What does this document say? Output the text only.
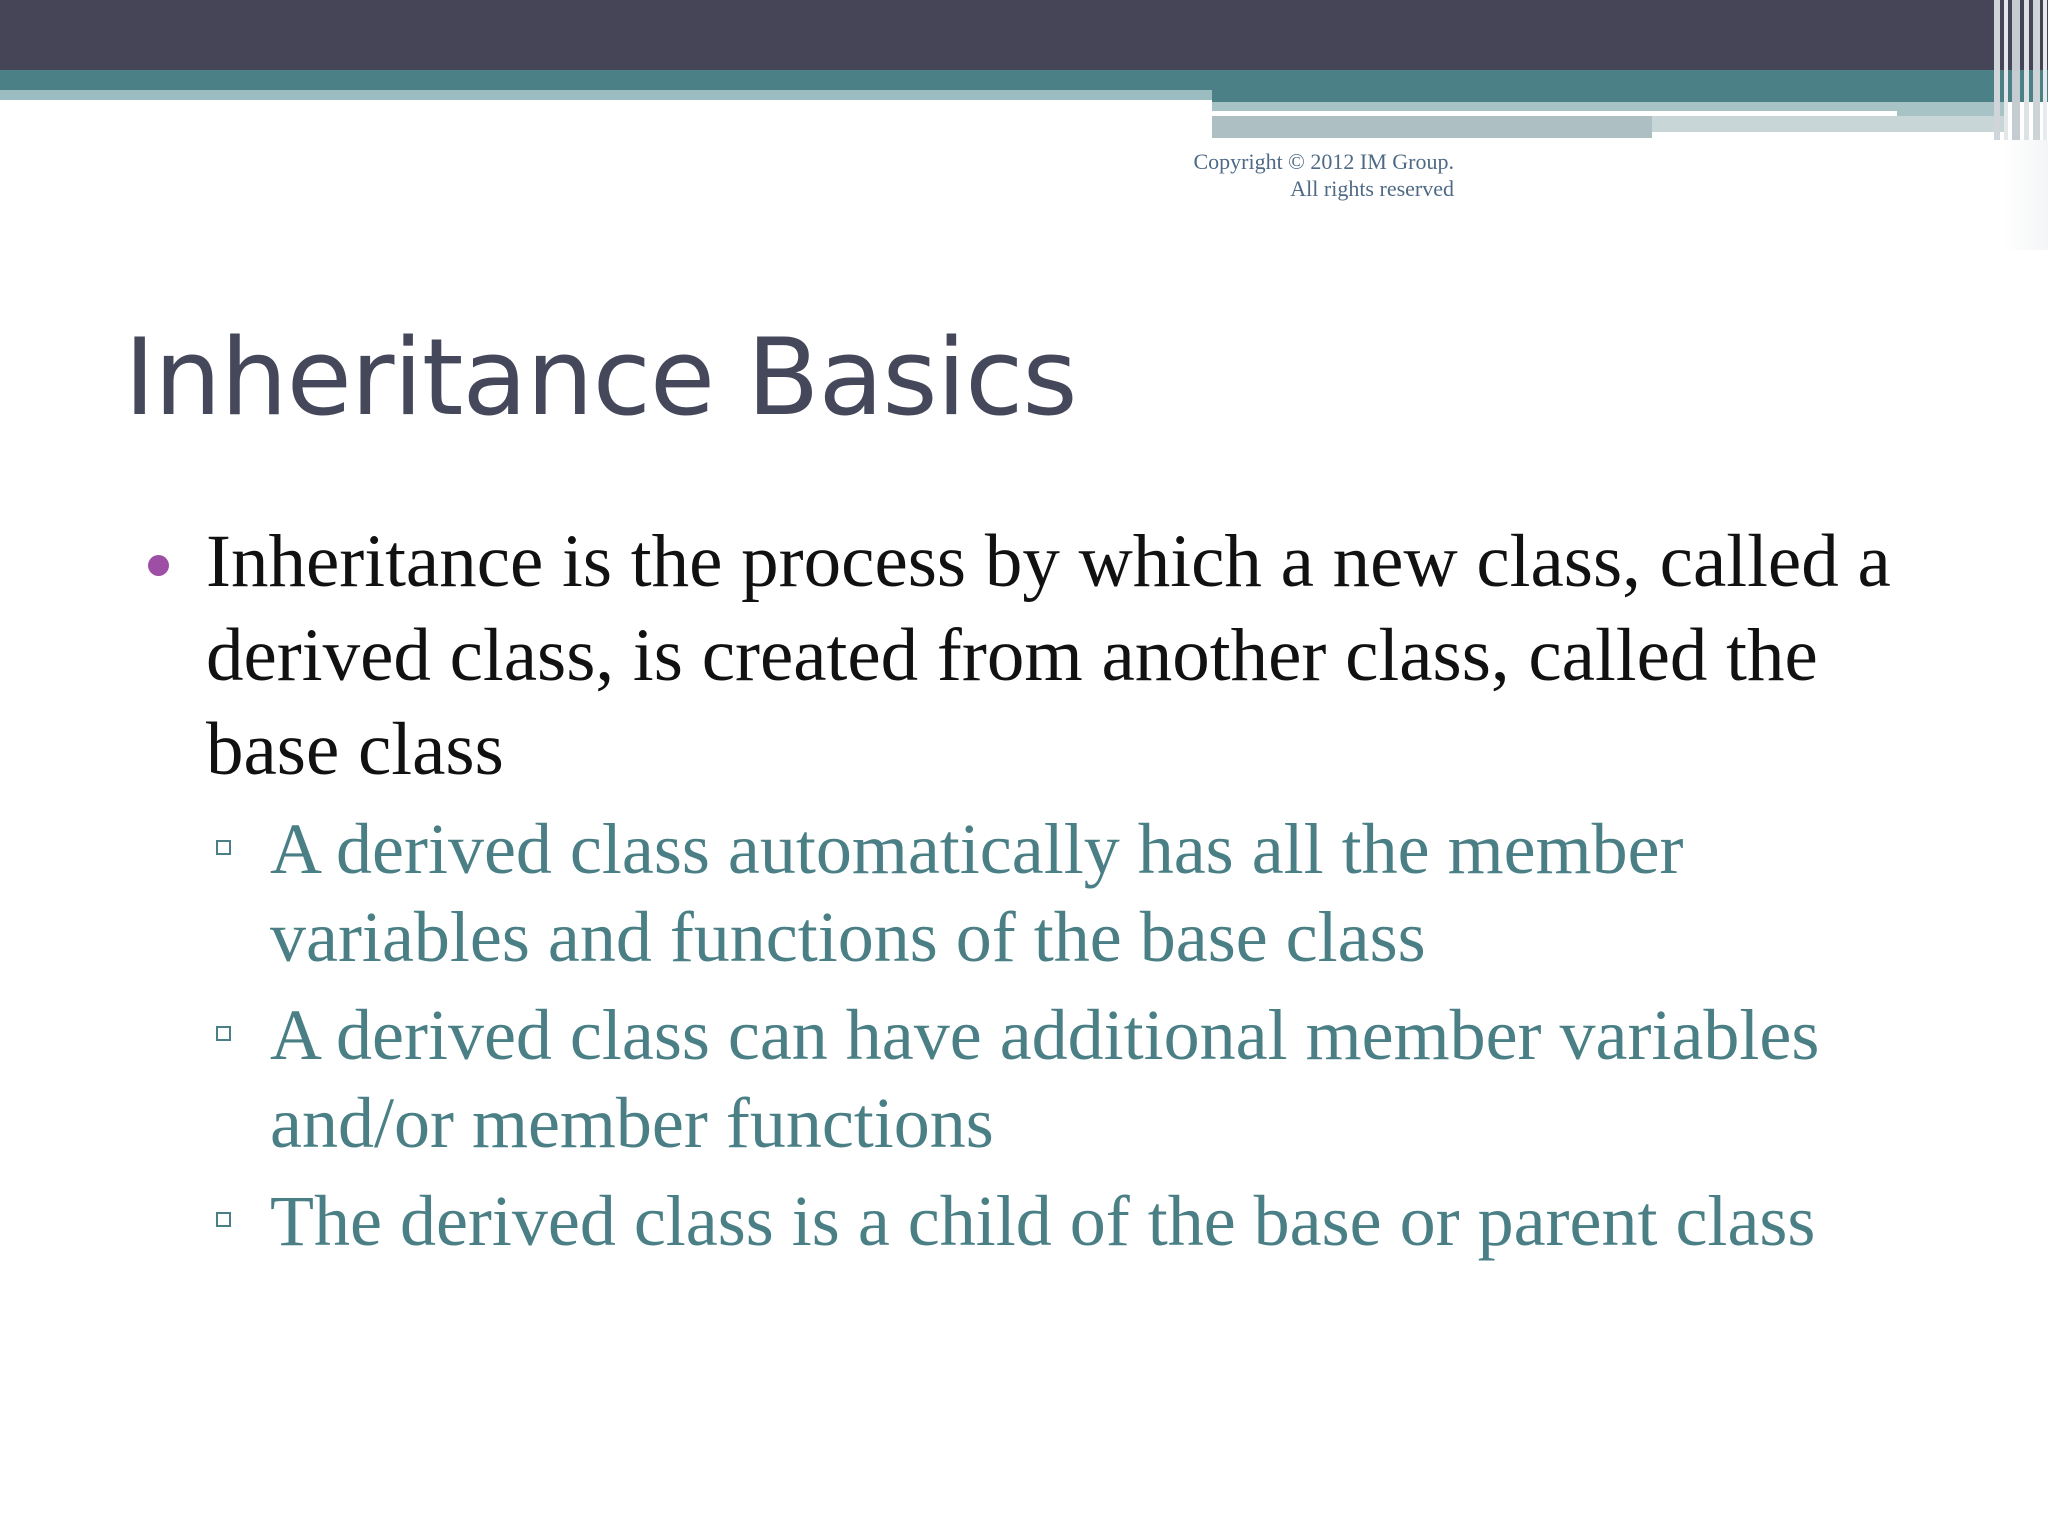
Copyright © 2012 IM Group. All rights reserved
Inheritance Basics
Inheritance is the process by which a new class, called a derived class, is created from another class, called the base class
A derived class automatically has all the member variables and functions of the base class
A derived class can have additional member variables and/or member functions
The derived class is a child of the base or parent class
